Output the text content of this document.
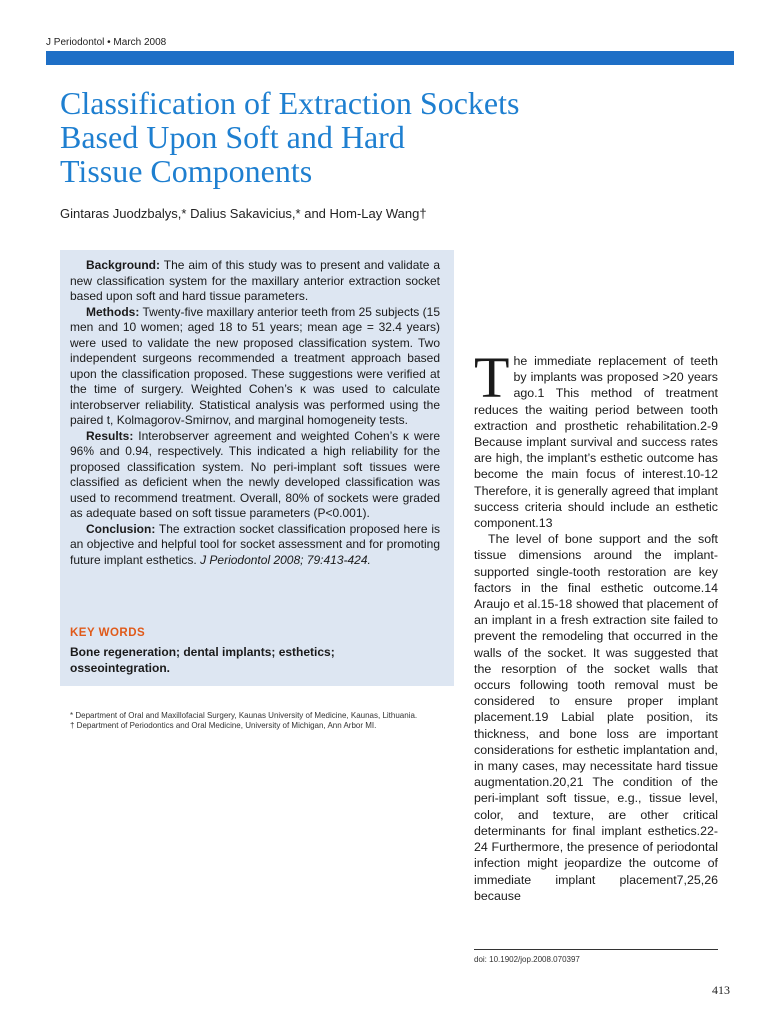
J Periodontol • March 2008
Classification of Extraction Sockets
Based Upon Soft and Hard
Tissue Components
Gintaras Juodzbalys,* Dalius Sakavicius,* and Hom-Lay Wang†

Background: The aim of this study was to present and validate a new classification system for the maxillary anterior extraction socket based upon soft and hard tissue parameters.

Methods: Twenty-five maxillary anterior teeth from 25 subjects (15 men and 10 women; aged 18 to 51 years; mean age = 32.4 years) were used to validate the new proposed classification system. Two independent surgeons recommended a treatment approach based upon the classification proposed. These suggestions were verified at the time of surgery. Weighted Cohen’s κ was used to calculate interobserver reliability. Statistical analysis was performed using the paired t, Kolmagorov-Smirnov, and marginal homogeneity tests.

Results: Interobserver agreement and weighted Cohen’s κ were 96% and 0.94, respectively. This indicated a high reliability for the proposed classification system. No peri-implant soft tissues were classified as deficient when the newly developed classification was used to recommend treatment. Overall, 80% of sockets were graded as adequate based on soft tissue parameters (P<0.001).

Conclusion: The extraction socket classification proposed here is an objective and helpful tool for socket assessment and for promoting future implant esthetics. J Periodontol 2008; 79:413-424.

KEY WORDS
Bone regeneration; dental implants; esthetics; osseointegration.
* Department of Oral and Maxillofacial Surgery, Kaunas University of Medicine, Kaunas, Lithuania.
† Department of Periodontics and Oral Medicine, University of Michigan, Ann Arbor MI.

The immediate replacement of teeth by implants was proposed >20 years ago.1 This method of treatment reduces the waiting period between tooth extraction and prosthetic rehabilitation.2-9 Because implant survival and success rates are high, the implant’s esthetic outcome has become the main focus of interest.10-12 Therefore, it is generally agreed that implant success criteria should include an esthetic component.13

The level of bone support and the soft tissue dimensions around the implant-supported single-tooth restoration are key factors in the final esthetic outcome.14 Araujo et al.15-18 showed that placement of an implant in a fresh extraction site failed to prevent the remodeling that occurred in the walls of the socket. It was suggested that the resorption of the socket walls that occurs following tooth removal must be considered to ensure proper implant placement.19 Labial plate position, its thickness, and bone loss are important considerations for esthetic implantation and, in many cases, may necessitate hard tissue augmentation.20,21 The condition of the peri-implant soft tissue, e.g., tissue level, color, and texture, are other critical determinants for final implant esthetics.22-24 Furthermore, the presence of periodontal infection might jeopardize the outcome of immediate implant placement7,25,26 because

doi: 10.1902/jop.2008.070397
413
